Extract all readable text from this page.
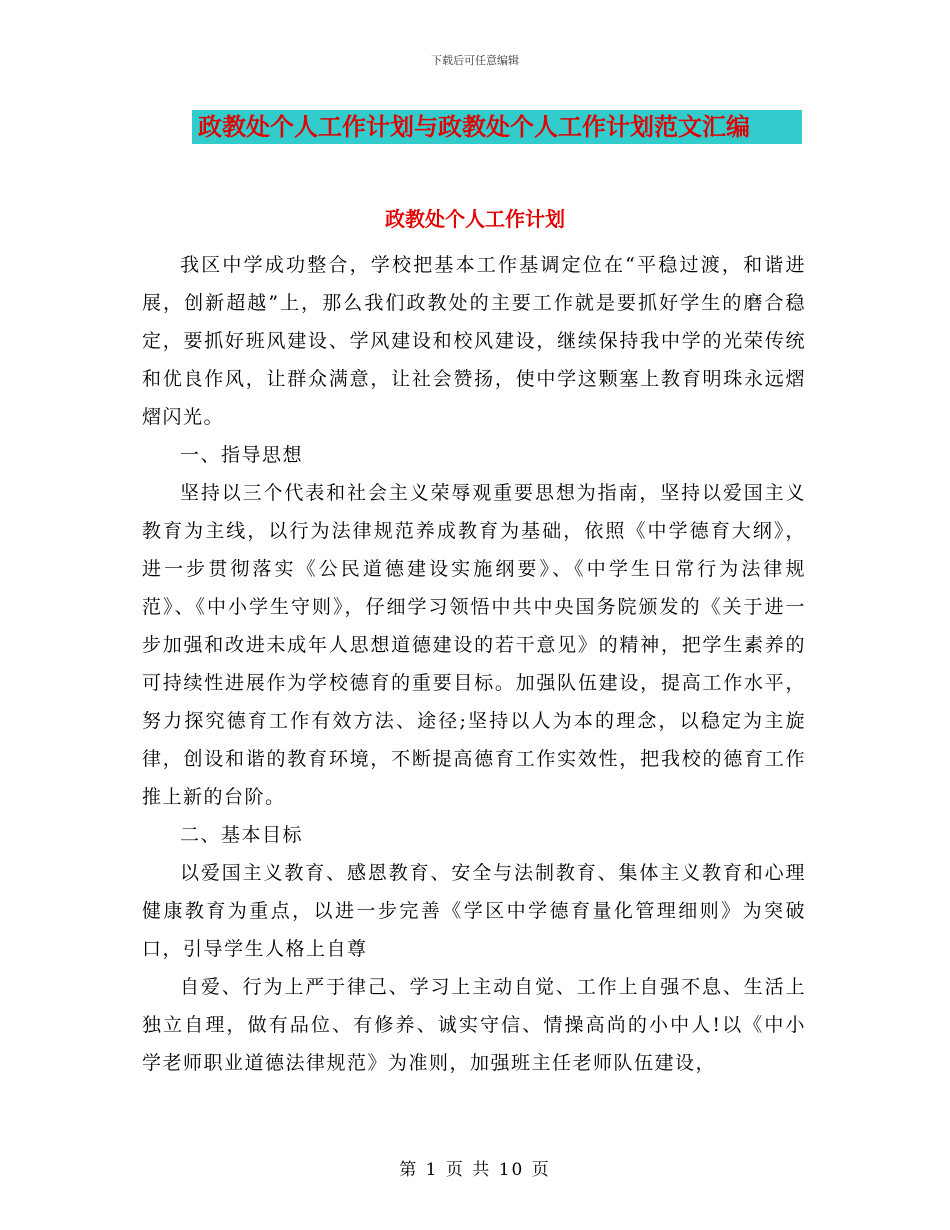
下载后可任意编辑
政教处个人工作计划与政教处个人工作计划范文汇编
政教处个人工作计划

我区中学成功整合，学校把基本工作基调定位在“平稳过渡，和谐进展，创新超越”上，那么我们政教处的主要工作就是要抓好学生的磨合稳定，要抓好班风建设、学风建设和校风建设，继续保持我中学的光荣传统和优良作风，让群众满意，让社会赞扬，使中学这颗塞上教育明珠永远熠熠闪光。

一、指导思想

坚持以三个代表和社会主义荣辱观重要思想为指南，坚持以爱国主义教育为主线，以行为法律规范养成教育为基础，依照《中学德育大纲》，进一步贯彻落实《公民道德建设实施纲要》、《中学生日常行为法律规范》、《中小学生守则》，仔细学习领悟中共中央国务院颁发的《关于进一步加强和改进未成年人思想道德建设的若干意见》的精神，把学生素养的可持续性进展作为学校德育的重要目标。加强队伍建设，提高工作水平，努力探究德育工作有效方法、途径;坚持以人为本的理念，以稳定为主旋律，创设和谐的教育环境，不断提高德育工作实效性，把我校的德育工作推上新的台阶。

二、基本目标

以爱国主义教育、感恩教育、安全与法制教育、集体主义教育和心理健康教育为重点，以进一步完善《学区中学德育量化管理细则》为突破口，引导学生人格上自尊

自爱、行为上严于律己、学习上主动自觉、工作上自强不息、生活上独立自理，做有品位、有修养、诚实守信、情操高尚的小中人!以《中小学老师职业道德法律规范》为准则，加强班主任老师队伍建设，

第 1 页 共 10 页
